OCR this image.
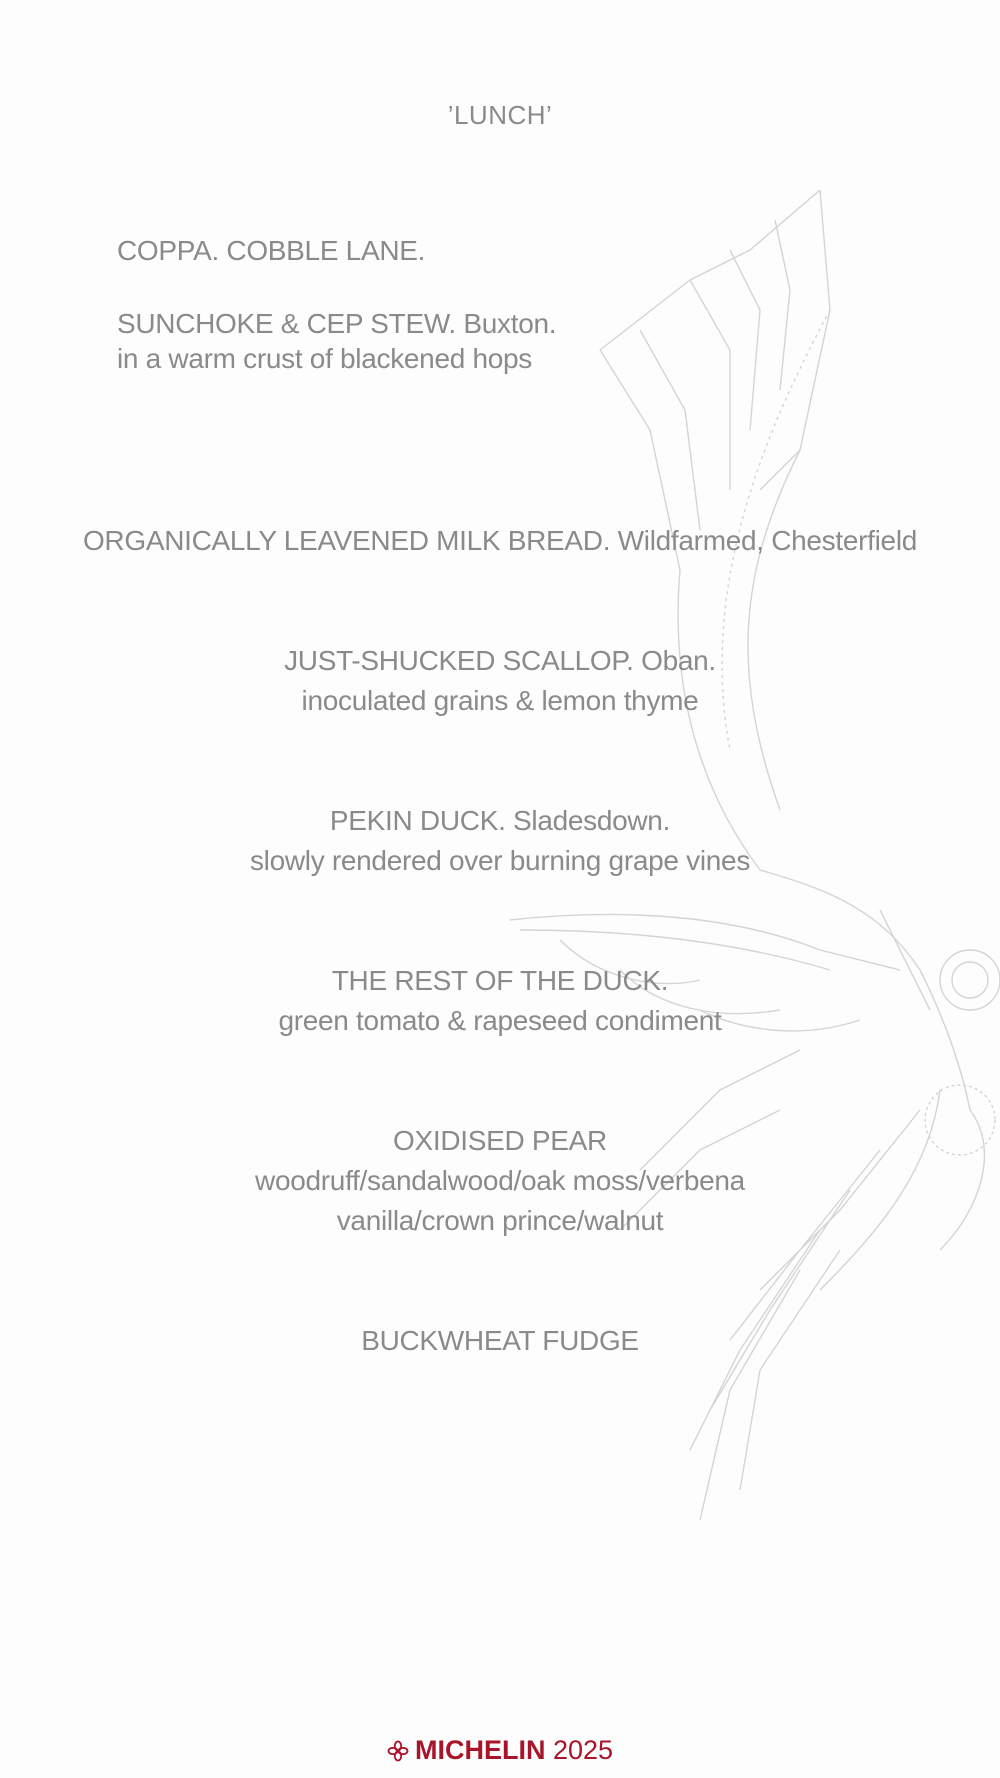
’LUNCH’
COPPA. COBBLE LANE.
SUNCHOKE & CEP STEW. Buxton.
in a warm crust of blackened hops
ORGANICALLY LEAVENED MILK BREAD. Wildfarmed, Chesterfield
JUST-SHUCKED SCALLOP. Oban.
inoculated grains & lemon thyme
PEKIN DUCK. Sladesdown.
slowly rendered over burning grape vines
THE REST OF THE DUCK.
green tomato & rapeseed condiment
OXIDISED PEAR
woodruff/sandalwood/oak moss/verbena
vanilla/crown prince/walnut
BUCKWHEAT FUDGE
MICHELIN 2025
